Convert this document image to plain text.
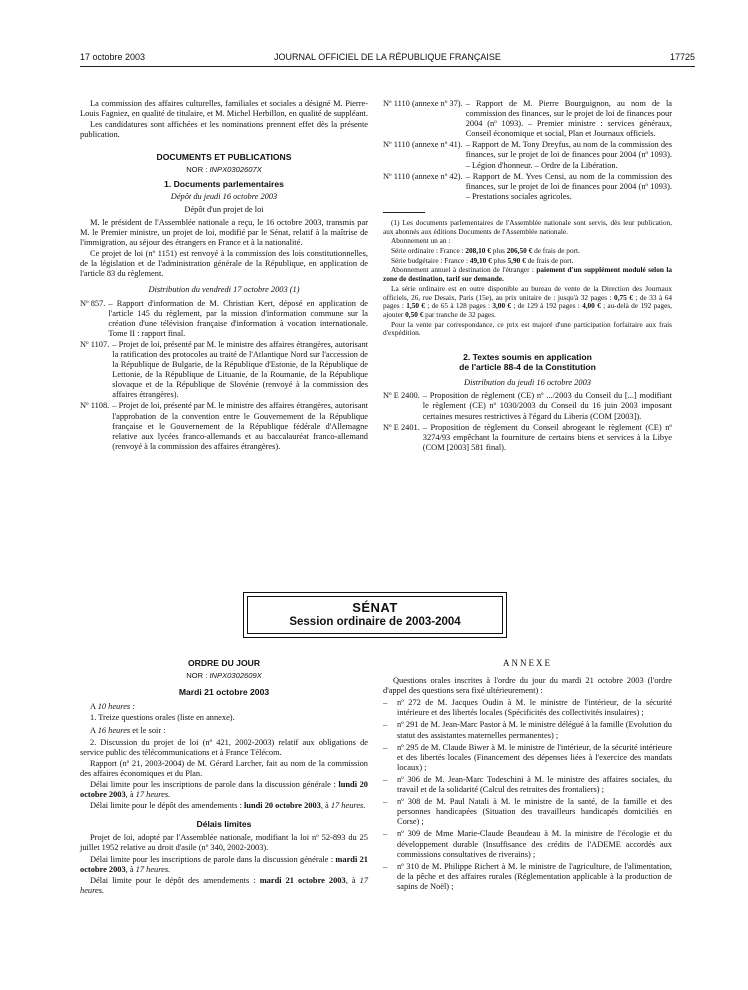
17 octobre 2003	JOURNAL OFFICIEL DE LA RÉPUBLIQUE FRANÇAISE	17725

La commission des affaires culturelles, familiales et sociales a désigné M. Pierre-Louis Fagniez, en qualité de titulaire, et M. Michel Herbillon, en qualité de suppléant.

Les candidatures sont affichées et les nominations prennent effet dès la présente publication.

DOCUMENTS ET PUBLICATIONS
NOR : INPX0302607X
1. Documents parlementaires
Dépôt du jeudi 16 octobre 2003
Dépôt d'un projet de loi

M. le président de l'Assemblée nationale a reçu, le 16 octobre 2003, transmis par M. le Premier ministre, un projet de loi, modifié par le Sénat, relatif à la maîtrise de l'immigration, au séjour des étrangers en France et à la nationalité.

Ce projet de loi (nº 1151) est renvoyé à la commission des lois constitutionnelles, de la législation et de l'administration générale de la République, en application de l'article 83 du règlement.

Distribution du vendredi 17 octobre 2003 (1)
Nº 857. – Rapport d'information de M. Christian Kert, déposé en application de l'article 145 du règlement, par la mission d'information commune sur la création d'une télévision française d'information à vocation internationale. Tome II : rapport final.
Nº 1107. – Projet de loi, présenté par M. le ministre des affaires étrangères, autorisant la ratification des protocoles au traité de l'Atlantique Nord sur l'accession de la République de Bulgarie, de la République d'Estonie, de la République de Lettonie, de la République de Lituanie, de la Roumanie, de la République slovaque et de la République de Slovénie (renvoyé à la commission des affaires étrangères).
Nº 1108. – Projet de loi, présenté par M. le ministre des affaires étrangères, autorisant l'approbation de la convention entre le Gouvernement de la République française et le Gouvernement de la République fédérale d'Allemagne relative aux lycées franco-allemands et au baccalauréat franco-allemand (renvoyé à la commission des affaires étrangères).
Nº 1110 (annexe nº 37). – Rapport de M. Pierre Bourguignon, au nom de la commission des finances, sur le projet de loi de finances pour 2004 (nº 1093). – Premier ministre : services généraux, Conseil économique et social, Plan et Journaux officiels.
Nº 1110 (annexe nº 41). – Rapport de M. Tony Dreyfus, au nom de la commission des finances, sur le projet de loi de finances pour 2004 (nº 1093). – Légion d'honneur. – Ordre de la Libération.
Nº 1110 (annexe nº 42). – Rapport de M. Yves Censi, au nom de la commission des finances, sur le projet de loi de finances pour 2004 (nº 1093). – Prestations sociales agricoles.

(1) Les documents parlementaires de l'Assemblée nationale sont servis, dès leur publication, aux abonnés aux éditions Documents de l'Assemblée nationale.

Abonnement un an :

Série ordinaire : France : 208,10 € plus 206,50 € de frais de port.

Série budgétaire : France : 49,10 € plus 5,90 € de frais de port.

Abonnement annuel à destination de l'étranger : paiement d'un supplément modulé selon la zone de destination, tarif sur demande.

La série ordinaire est en outre disponible au bureau de vente de la Direction des Journaux officiels, 26, rue Desaix, Paris (15e), au prix unitaire de : jusqu'à 32 pages : 0,75 € ; de 33 à 64 pages : 1,50 € ; de 65 à 128 pages : 3,00 € ; de 129 à 192 pages : 4,00 € ; au-delà de 192 pages, ajouter 0,50 € par tranche de 32 pages.

Pour la vente par correspondance, ce prix est majoré d'une participation forfaitaire aux frais d'expédition.

2. Textes soumis en application
de l'article 88-4 de la Constitution
Distribution du jeudi 16 octobre 2003
Nº E 2400. – Proposition de règlement (CE) nº .../2003 du Conseil du [...] modifiant le règlement (CE) nº 1030/2003 du Conseil du 16 juin 2003 imposant certaines mesures restrictives à l'égard du Liberia (COM [2003]).
Nº E 2401. – Proposition de règlement du Conseil abrogeant le règlement (CE) nº 3274/93 empêchant la fourniture de certains biens et services à la Libye (COM [2003] 581 final).
SÉNAT
Session ordinaire de 2003-2004
ORDRE DU JOUR
NOR : INPX0302609X
Mardi 21 octobre 2003

A 10 heures :

1. Treize questions orales (liste en annexe).

A 16 heures et le soir :

2. Discussion du projet de loi (nº 421, 2002-2003) relatif aux obligations de service public des télécommunications et à France Télécom.

Rapport (nº 21, 2003-2004) de M. Gérard Larcher, fait au nom de la commission des affaires économiques et du Plan.

Délai limite pour les inscriptions de parole dans la discussion générale : lundi 20 octobre 2003, à 17 heures.

Délai limite pour le dépôt des amendements : lundi 20 octobre 2003, à 17 heures.

Délais limites

Projet de loi, adopté par l'Assemblée nationale, modifiant la loi nº 52-893 du 25 juillet 1952 relative au droit d'asile (nº 340, 2002-2003).

Délai limite pour les inscriptions de parole dans la discussion générale : mardi 21 octobre 2003, à 17 heures.

Délai limite pour le dépôt des amendements : mardi 21 octobre 2003, à 17 heures.

ANNEXE

Questions orales inscrites à l'ordre du jour du mardi 21 octobre 2003 (l'ordre d'appel des questions sera fixé ultérieurement) :

–	nº 272 de M. Jacques Oudin à M. le ministre de l'intérieur, de la sécurité intérieure et des libertés locales (Spécificités des collectivités insulaires) ;
–	nº 291 de M. Jean-Marc Pastor à M. le ministre délégué à la famille (Evolution du statut des assistantes maternelles permanentes) ;
–	nº 295 de M. Claude Biwer à M. le ministre de l'intérieur, de la sécurité intérieure et des libertés locales (Financement des dépenses liées à l'exercice des mandats locaux) ;
–	nº 306 de M. Jean-Marc Todeschini à M. le ministre des affaires sociales, du travail et de la solidarité (Calcul des retraites des frontaliers) ;
–	nº 308 de M. Paul Natali à M. le ministre de la santé, de la famille et des personnes handicapées (Situation des travailleurs handicapés domiciliés en Corse) ;
–	nº 309 de Mme Marie-Claude Beaudeau à M. la ministre de l'écologie et du développement durable (Insuffisance des crédits de l'ADEME accordés aux commissions consultatives de riverains) ;
–	nº 310 de M. Philippe Richert à M. le ministre de l'agriculture, de l'alimentation, de la pêche et des affaires rurales (Réglementation applicable à la production de sapins de Noël) ;
